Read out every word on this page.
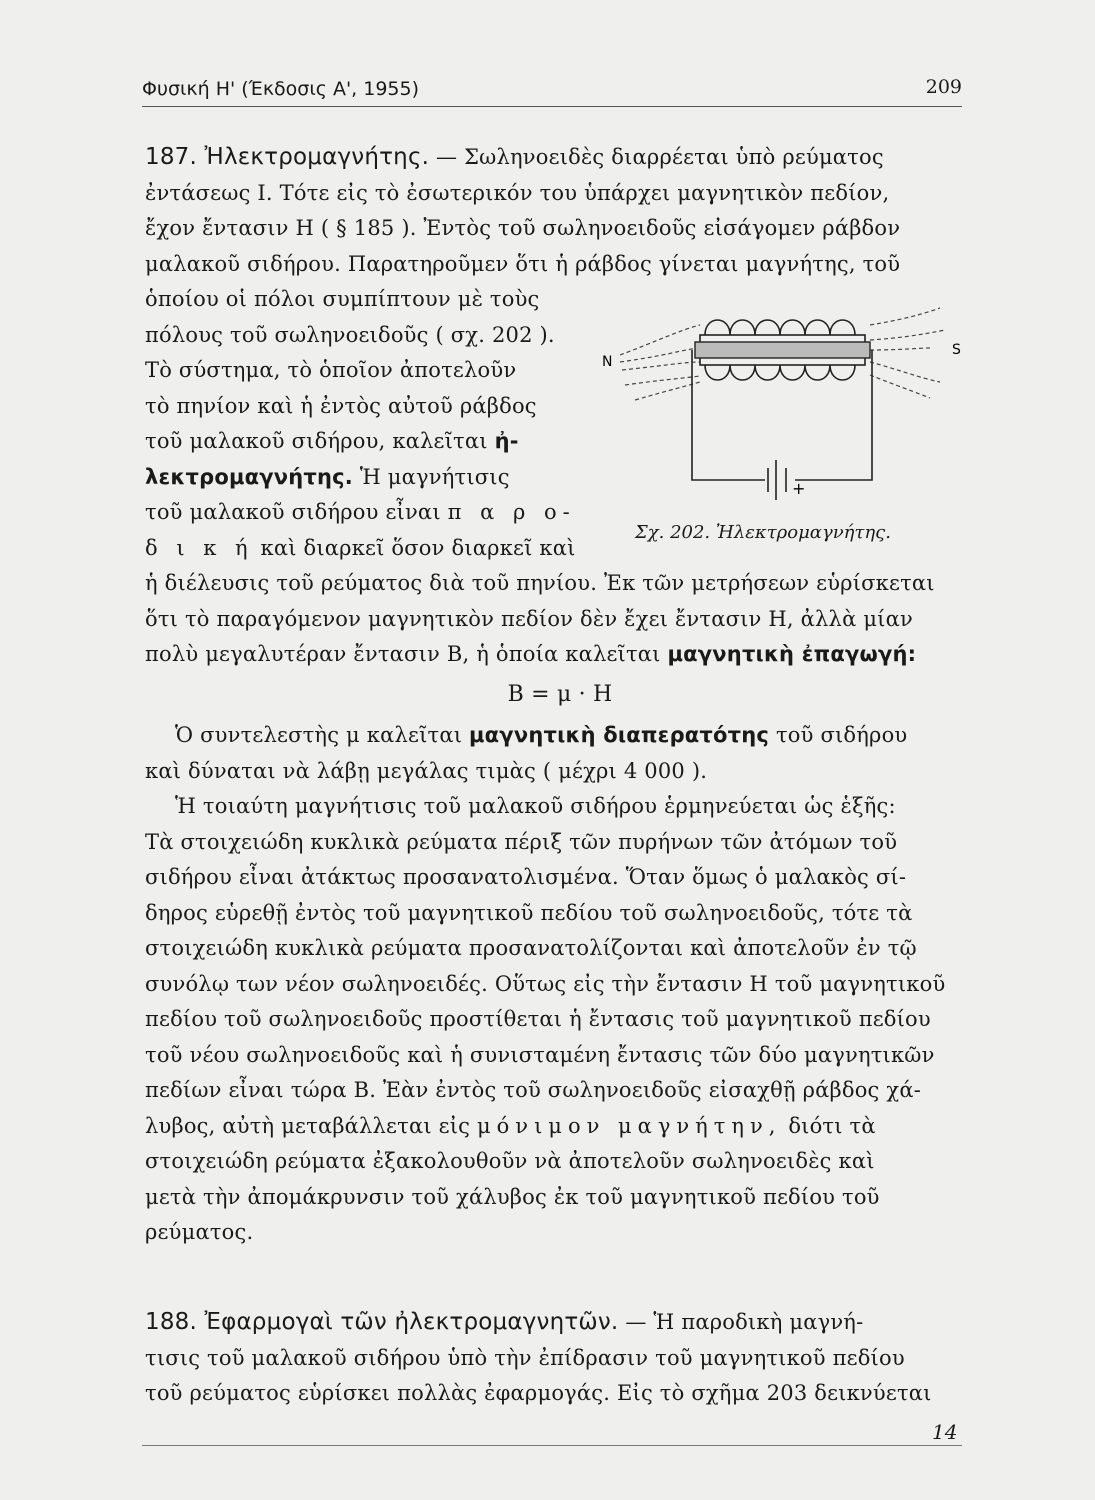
Φυσική Η' (Έκδοσις Α', 1955)	209

187. Ἠλεκτρομαγνήτης. — Σωληνοειδὲς διαρρέεται ὑπὸ ρεύματος

ἐντάσεως I. Τότε εἰς τὸ ἐσωτερικόν του ὑπάρχει μαγνητικὸν πεδίον,

ἔχον ἔντασιν H ( § 185 ). Ἐντὸς τοῦ σωληνοειδοῦς εἰσάγομεν ράβδον

μαλακοῦ σιδήρου. Παρατηροῦμεν ὅτι ἡ ράβδος γίνεται μαγνήτης, τοῦ

ὁποίου οἱ πόλοι συμπίπτουν μὲ τοὺς

πόλους τοῦ σωληνοειδοῦς ( σχ. 202 ).

Τὸ σύστημα, τὸ ὁποῖον ἀποτελοῦν

τὸ πηνίον καὶ ἡ ἐντὸς αὐτοῦ ράβδος

τοῦ μαλακοῦ σιδήρου, καλεῖται ἠ-

λεκτρομαγνήτης. Ἡ μαγνήτισις

τοῦ μαλακοῦ σιδήρου εἶναι π α ρ ο-

δ ι κ ή καὶ διαρκεῖ ὅσον διαρκεῖ καὶ

ἡ διέλευσις τοῦ ρεύματος διὰ τοῦ πηνίου. Ἐκ τῶν μετρήσεων εὑρίσκεται

ὅτι τὸ παραγόμενον μαγνητικὸν πεδίον δὲν ἔχει ἔντασιν H, ἀλλὰ μίαν

πολὺ μεγαλυτέραν ἔντασιν B, ἡ ὁποία καλεῖται μαγνητικὴ ἐπαγωγή:

B = μ · H

Ὁ συντελεστὴς μ καλεῖται μαγνητικὴ διαπερατότης τοῦ σιδήρου

καὶ δύναται νὰ λάβῃ μεγάλας τιμὰς ( μέχρι 4 000 ).

Ἡ τοιαύτη μαγνήτισις τοῦ μαλακοῦ σιδήρου ἑρμηνεύεται ὡς ἑξῆς:

Τὰ στοιχειώδη κυκλικὰ ρεύματα πέριξ τῶν πυρήνων τῶν ἀτόμων τοῦ

σιδήρου εἶναι ἀτάκτως προσανατολισμένα. Ὅταν ὅμως ὁ μαλακὸς σί-

δηρος εὑρεθῇ ἐντὸς τοῦ μαγνητικοῦ πεδίου τοῦ σωληνοειδοῦς, τότε τὰ

στοιχειώδη κυκλικὰ ρεύματα προσανατολίζονται καὶ ἀποτελοῦν ἐν τῷ

συνόλῳ των νέον σωληνοειδές. Οὕτως εἰς τὴν ἔντασιν H τοῦ μαγνητικοῦ

πεδίου τοῦ σωληνοειδοῦς προστίθεται ἡ ἔντασις τοῦ μαγνητικοῦ πεδίου

τοῦ νέου σωληνοειδοῦς καὶ ἡ συνισταμένη ἔντασις τῶν δύο μαγνητικῶν

πεδίων εἶναι τώρα B. Ἐὰν ἐντὸς τοῦ σωληνοειδοῦς εἰσαχθῇ ράβδος χά-

λυβος, αὐτὴ μεταβάλλεται εἰς μόνιμον μαγνήτην, διότι τὰ

στοιχειώδη ρεύματα ἐξακολουθοῦν νὰ ἀποτελοῦν σωληνοειδὲς καὶ

μετὰ τὴν ἀπομάκρυνσιν τοῦ χάλυβος ἐκ τοῦ μαγνητικοῦ πεδίου τοῦ

ρεύματος.

188. Ἐφαρμογαὶ τῶν ἠλεκτρομαγνητῶν. — Ἡ παροδικὴ μαγνή-

τισις τοῦ μαλακοῦ σιδήρου ὑπὸ τὴν ἐπίδρασιν τοῦ μαγνητικοῦ πεδίου

τοῦ ρεύματος εὑρίσκει πολλὰς ἐφαρμογάς. Εἰς τὸ σχῆμα 203 δεικνύεται

N
S
+
Σχ. 202. Ἠλεκτρομαγνήτης.
14
